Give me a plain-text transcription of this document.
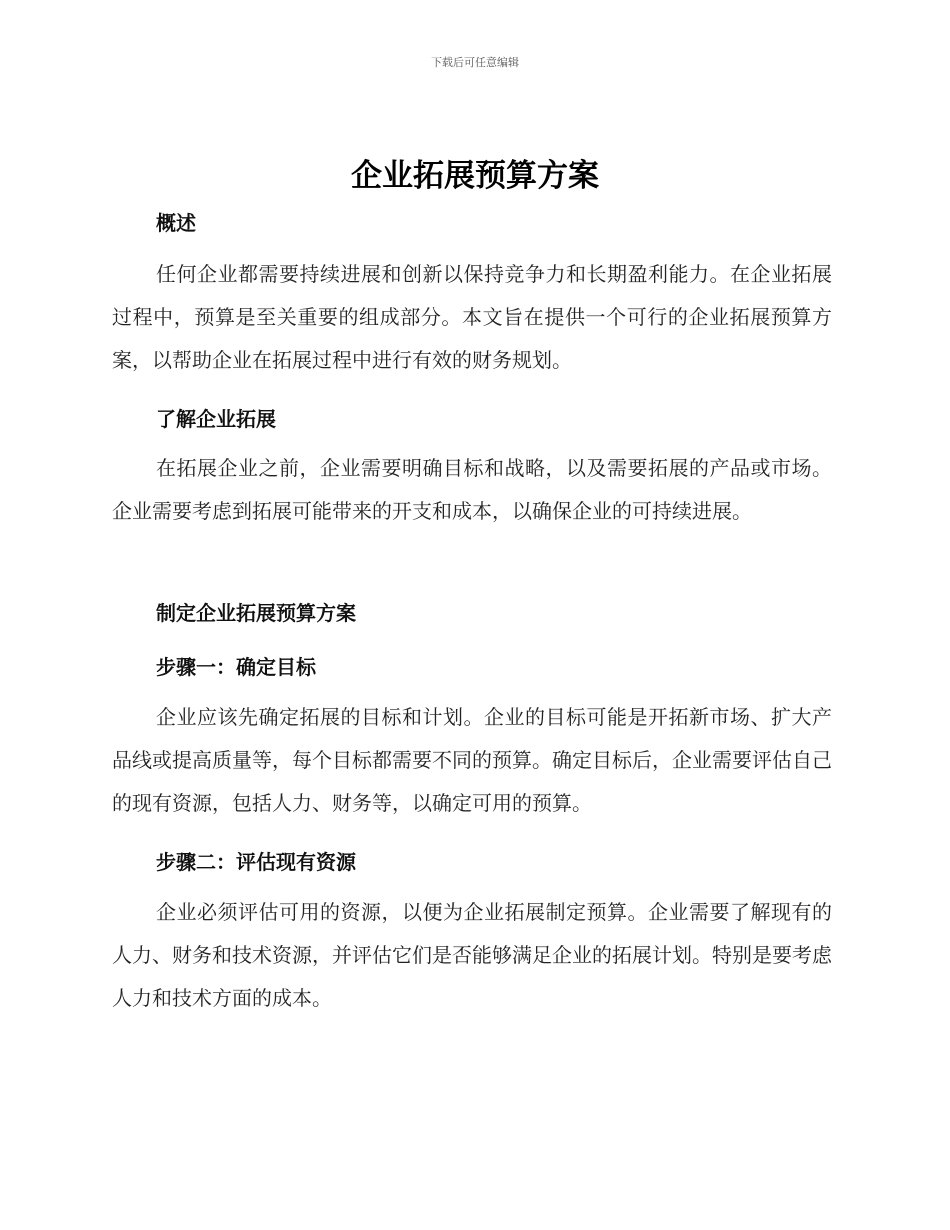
下载后可任意编辑
企业拓展预算方案
概述
任何企业都需要持续进展和创新以保持竞争力和长期盈利能力。在企业拓展过程中，预算是至关重要的组成部分。本文旨在提供一个可行的企业拓展预算方案，以帮助企业在拓展过程中进行有效的财务规划。
了解企业拓展
在拓展企业之前，企业需要明确目标和战略，以及需要拓展的产品或市场。企业需要考虑到拓展可能带来的开支和成本，以确保企业的可持续进展。
制定企业拓展预算方案
步骤一：确定目标
企业应该先确定拓展的目标和计划。企业的目标可能是开拓新市场、扩大产品线或提高质量等，每个目标都需要不同的预算。确定目标后，企业需要评估自己的现有资源，包括人力、财务等，以确定可用的预算。
步骤二：评估现有资源
企业必须评估可用的资源，以便为企业拓展制定预算。企业需要了解现有的人力、财务和技术资源，并评估它们是否能够满足企业的拓展计划。特别是要考虑人力和技术方面的成本。
